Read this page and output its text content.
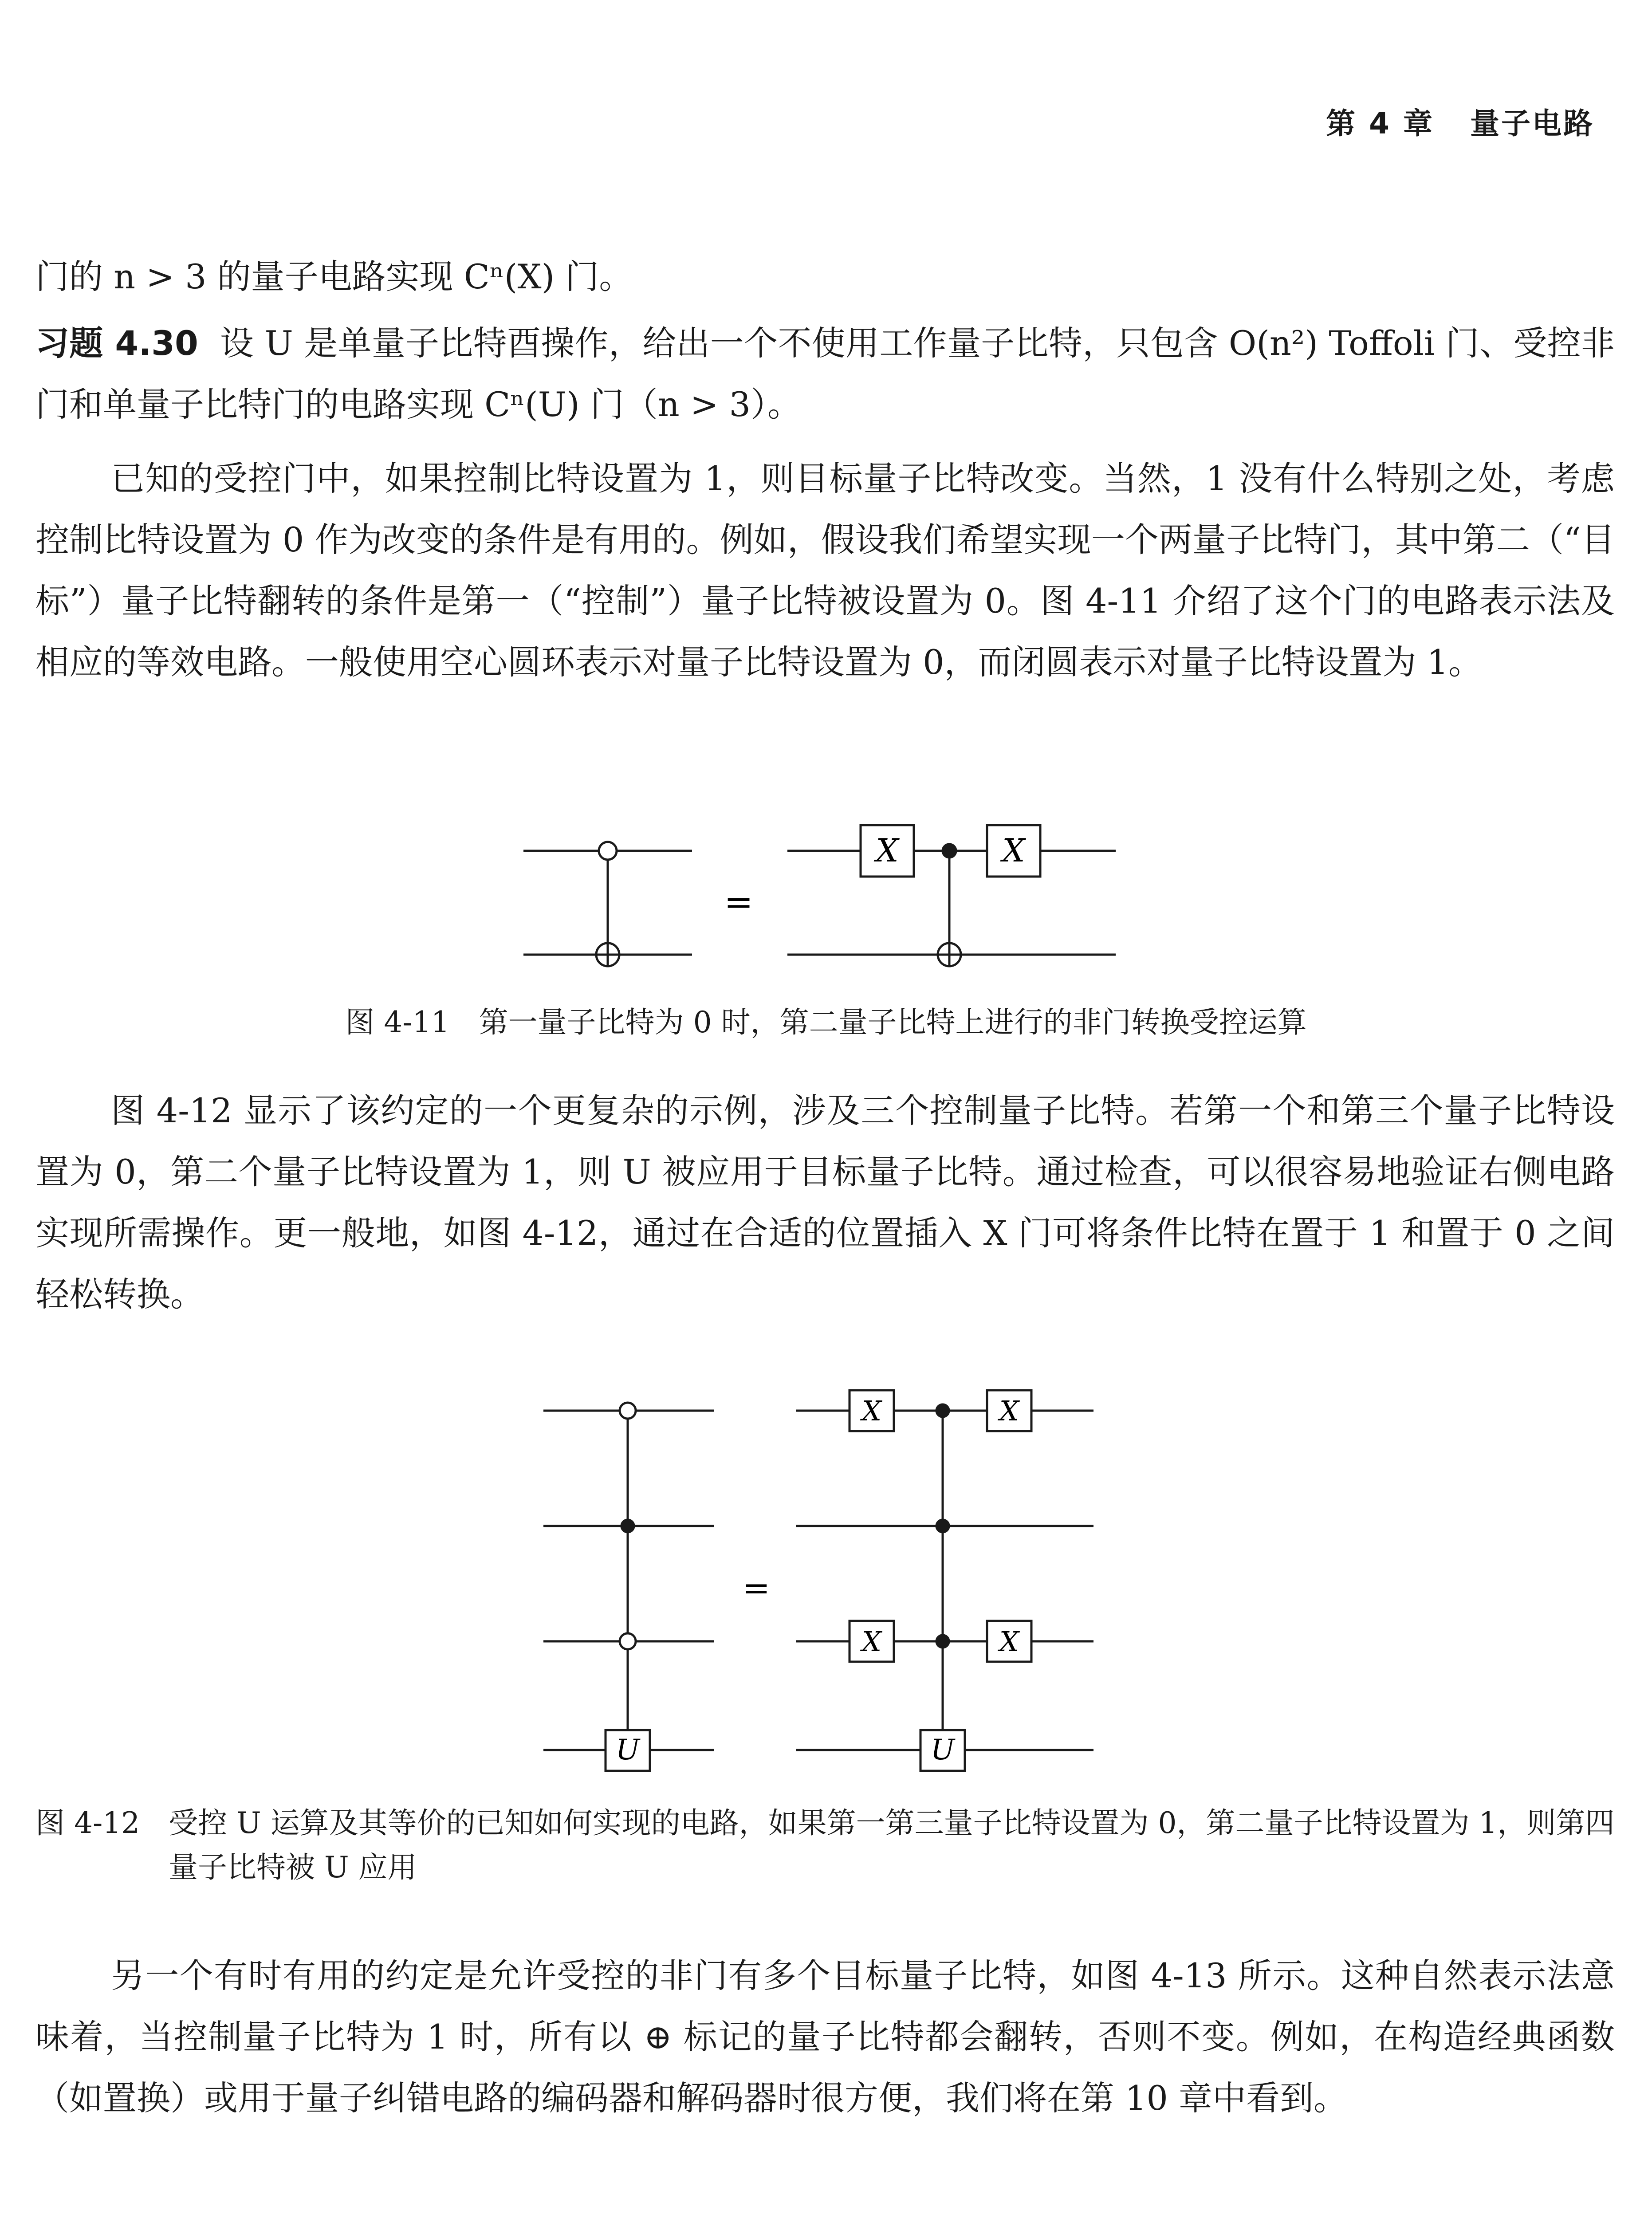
第 4 章 量子电路
门的 n > 3 的量子电路实现 Cⁿ(X) 门。
习题 4.30 设 U 是单量子比特酉操作，给出一个不使用工作量子比特，只包含 O(n²) Toffoli 门、受控非门和单量子比特门的电路实现 Cⁿ(U) 门（n > 3）。
已知的受控门中，如果控制比特设置为 1，则目标量子比特改变。当然，1 没有什么特别之处，考虑控制比特设置为 0 作为改变的条件是有用的。例如，假设我们希望实现一个两量子比特门，其中第二（“目标”）量子比特翻转的条件是第一（“控制”）量子比特被设置为 0。图 4-11 介绍了这个门的电路表示法及相应的等效电路。一般使用空心圆环表示对量子比特设置为 0，而闭圆表示对量子比特设置为 1。
X	X
=
图 4-11　第一量子比特为 0 时，第二量子比特上进行的非门转换受控运算
图 4-12 显示了该约定的一个更复杂的示例，涉及三个控制量子比特。若第一个和第三个量子比特设置为 0，第二个量子比特设置为 1，则 U 被应用于目标量子比特。通过检查，可以很容易地验证右侧电路实现所需操作。更一般地，如图 4-12，通过在合适的位置插入 X 门可将条件比特在置于 1 和置于 0 之间轻松转换。
U	U
X	X
X	X
=
图 4-12 受控 U 运算及其等价的已知如何实现的电路，如果第一第三量子比特设置为 0，第二量子比特设置为 1，则第四量子比特被 U 应用
另一个有时有用的约定是允许受控的非门有多个目标量子比特，如图 4-13 所示。这种自然表示法意味着，当控制量子比特为 1 时，所有以 ⊕ 标记的量子比特都会翻转，否则不变。例如，在构造经典函数（如置换）或用于量子纠错电路的编码器和解码器时很方便，我们将在第 10 章中看到。
